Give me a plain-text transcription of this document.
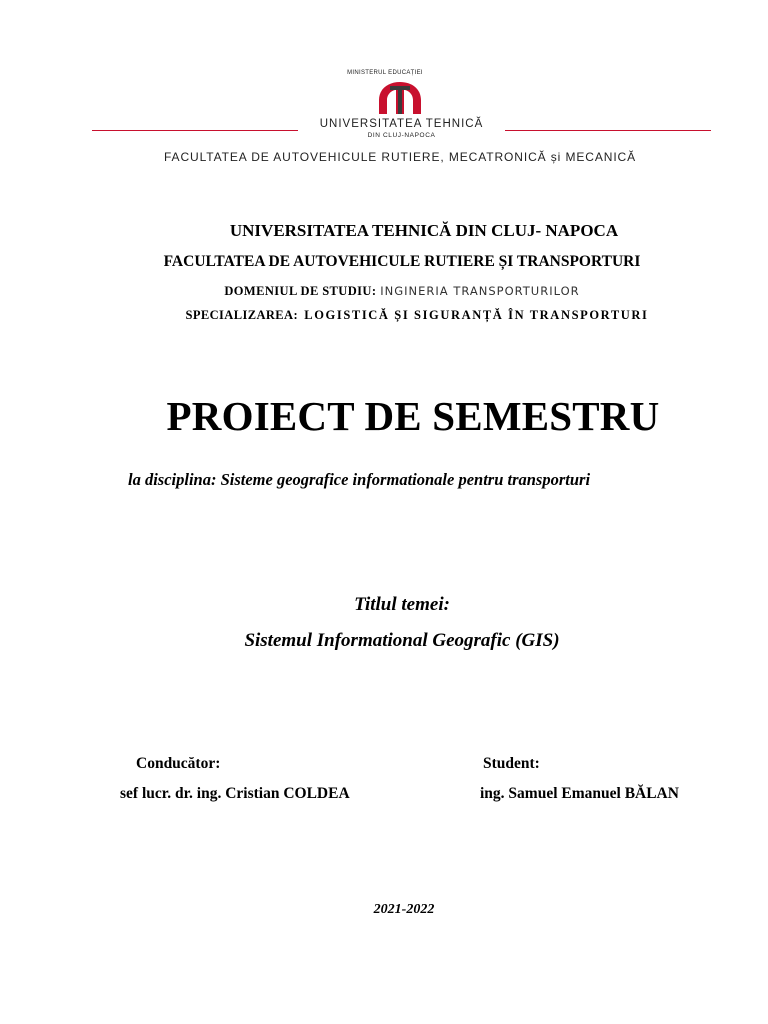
MINISTERUL EDUCAȚIEI
UNIVERSITATEA TEHNICĂ
DIN CLUJ-NAPOCA
FACULTATEA DE AUTOVEHICULE RUTIERE, MECATRONICĂ și MECANICĂ
UNIVERSITATEA TEHNICĂ DIN CLUJ- NAPOCA
FACULTATEA DE AUTOVEHICULE RUTIERE ȘI TRANSPORTURI
DOMENIUL DE STUDIU: INGINERIA TRANSPORTURILOR
SPECIALIZAREA: LOGISTICĂ ȘI SIGURANȚĂ ÎN TRANSPORTURI
PROIECT DE SEMESTRU
la disciplina: Sisteme geografice informationale pentru transporturi
Titlul temei:
Sistemul Informational Geografic (GIS)
Conducător:
sef lucr. dr. ing. Cristian COLDEA
Student:
ing. Samuel Emanuel BĂLAN
2021-2022
